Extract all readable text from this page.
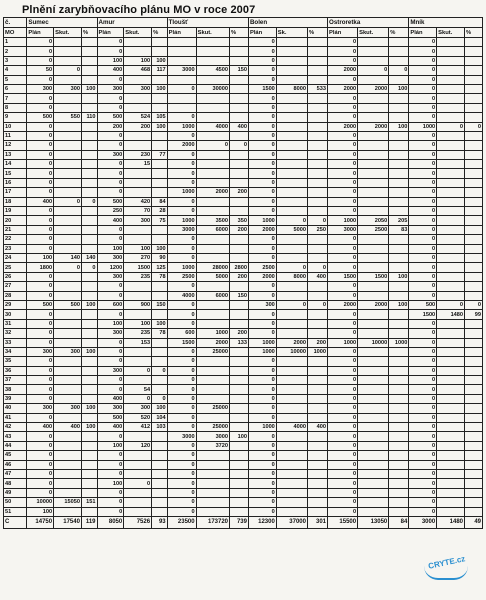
Plnění zarybňovacího plánu MO v roce 2007
č.	Sumec			Amur			Tloušť			Bolen			Ostroretka			Mník		
MO	Plán	Skut.	%	Plán	Skut.	%	Plán	Skut.	%	Plán	Sk.	%	Plán	Skut.	%	Plán	Skut.	%
1	0			0						0			0			0		
2	0			0						0			0			0		
3	0			100	100	100				0			0			0		
4	50	0		400	468	117	3000	4500	150	0			2000	0	0	0		
5	0			0						0			0			0		
6	300	300	100	300	300	100	0	30000		1500	8000	533	2000	2000	100	0		
7	0			0						0			0			0		
8	0			0						0			0			0		
9	500	550	110	500	524	105	0			0			0			0		
10	0			200	200	100	1000	4000	400	0			2000	2000	100	1000	0	0
11	0			0			0			0			0			0		
12	0			0			2000	0	0	0			0			0		
13	0			300	230	77	0			0			0			0		
14	0			0	15		0			0			0			0		
15	0			0			0			0			0			0		
16	0			0			0			0			0			0		
17	0			0			1000	2000	200	0			0			0		
18	400	0	0	500	420	84	0			0			0			0		
19	0			250	70	28	0			0			0			0		
20	0			400	300	75	1000	3500	350	1000	0	0	1000	2050	205	0		
21	0			0			3000	6000	200	2000	5000	250	3000	2500	83	0		
22	0			0			0			0			0			0		
23	0			100	100	100	0			0			0			0		
24	100	140	140	300	270	90	0			0			0			0		
25	1800	0	0	1200	1500	125	1000	28000	2800	2500	0	0	0			0		
26	0			300	235	78	2500	5000	200	2000	8000	400	1500	1500	100	0		
27	0			0			0			0			0			0		
28	0			0			4000	6000	150	0			0			0		
29	500	500	100	600	900	150	0			300	0	0	2000	2000	100	500	0	0
30	0			0			0			0			0			1500	1480	99
31	0			100	100	100	0			0			0			0		
32	0			300	235	78	600	1000	200	0			0			0		
33	0			0	153		1500	2000	133	1000	2000	200	1000	10000	1000	0		
34	300	300	100	0			0	25000		1000	10000	1000	0			0		
35	0			0			0			0			0			0		
36	0			300	0	0	0			0			0			0		
37	0			0			0			0			0			0		
38	0			0	54		0			0			0			0		
39	0			400	0	0	0			0			0			0		
40	300	300	100	300	300	100	0	25000		0			0			0		
41	0			500	520	104	0			0			0			0		
42	400	400	100	400	412	103	0	25000		1000	4000	400	0			0		
43	0			0			3000	3000	100	0			0			0		
44	0			100	120		0	3720		0			0			0		
45	0			0			0			0			0			0		
46	0			0			0			0			0			0		
47	0			0			0			0			0			0		
48	0			100	0		0			0			0			0		
49	0			0			0			0			0			0		
50	10000	15050	151	0			0			0			0			0		
51	100			0			0			0			0			0		
C	14750	17540	119	8050	7526	93	23500	173720	739	12300	37000	301	15500	13050	84	3000	1480	49
CRYTE.cz
